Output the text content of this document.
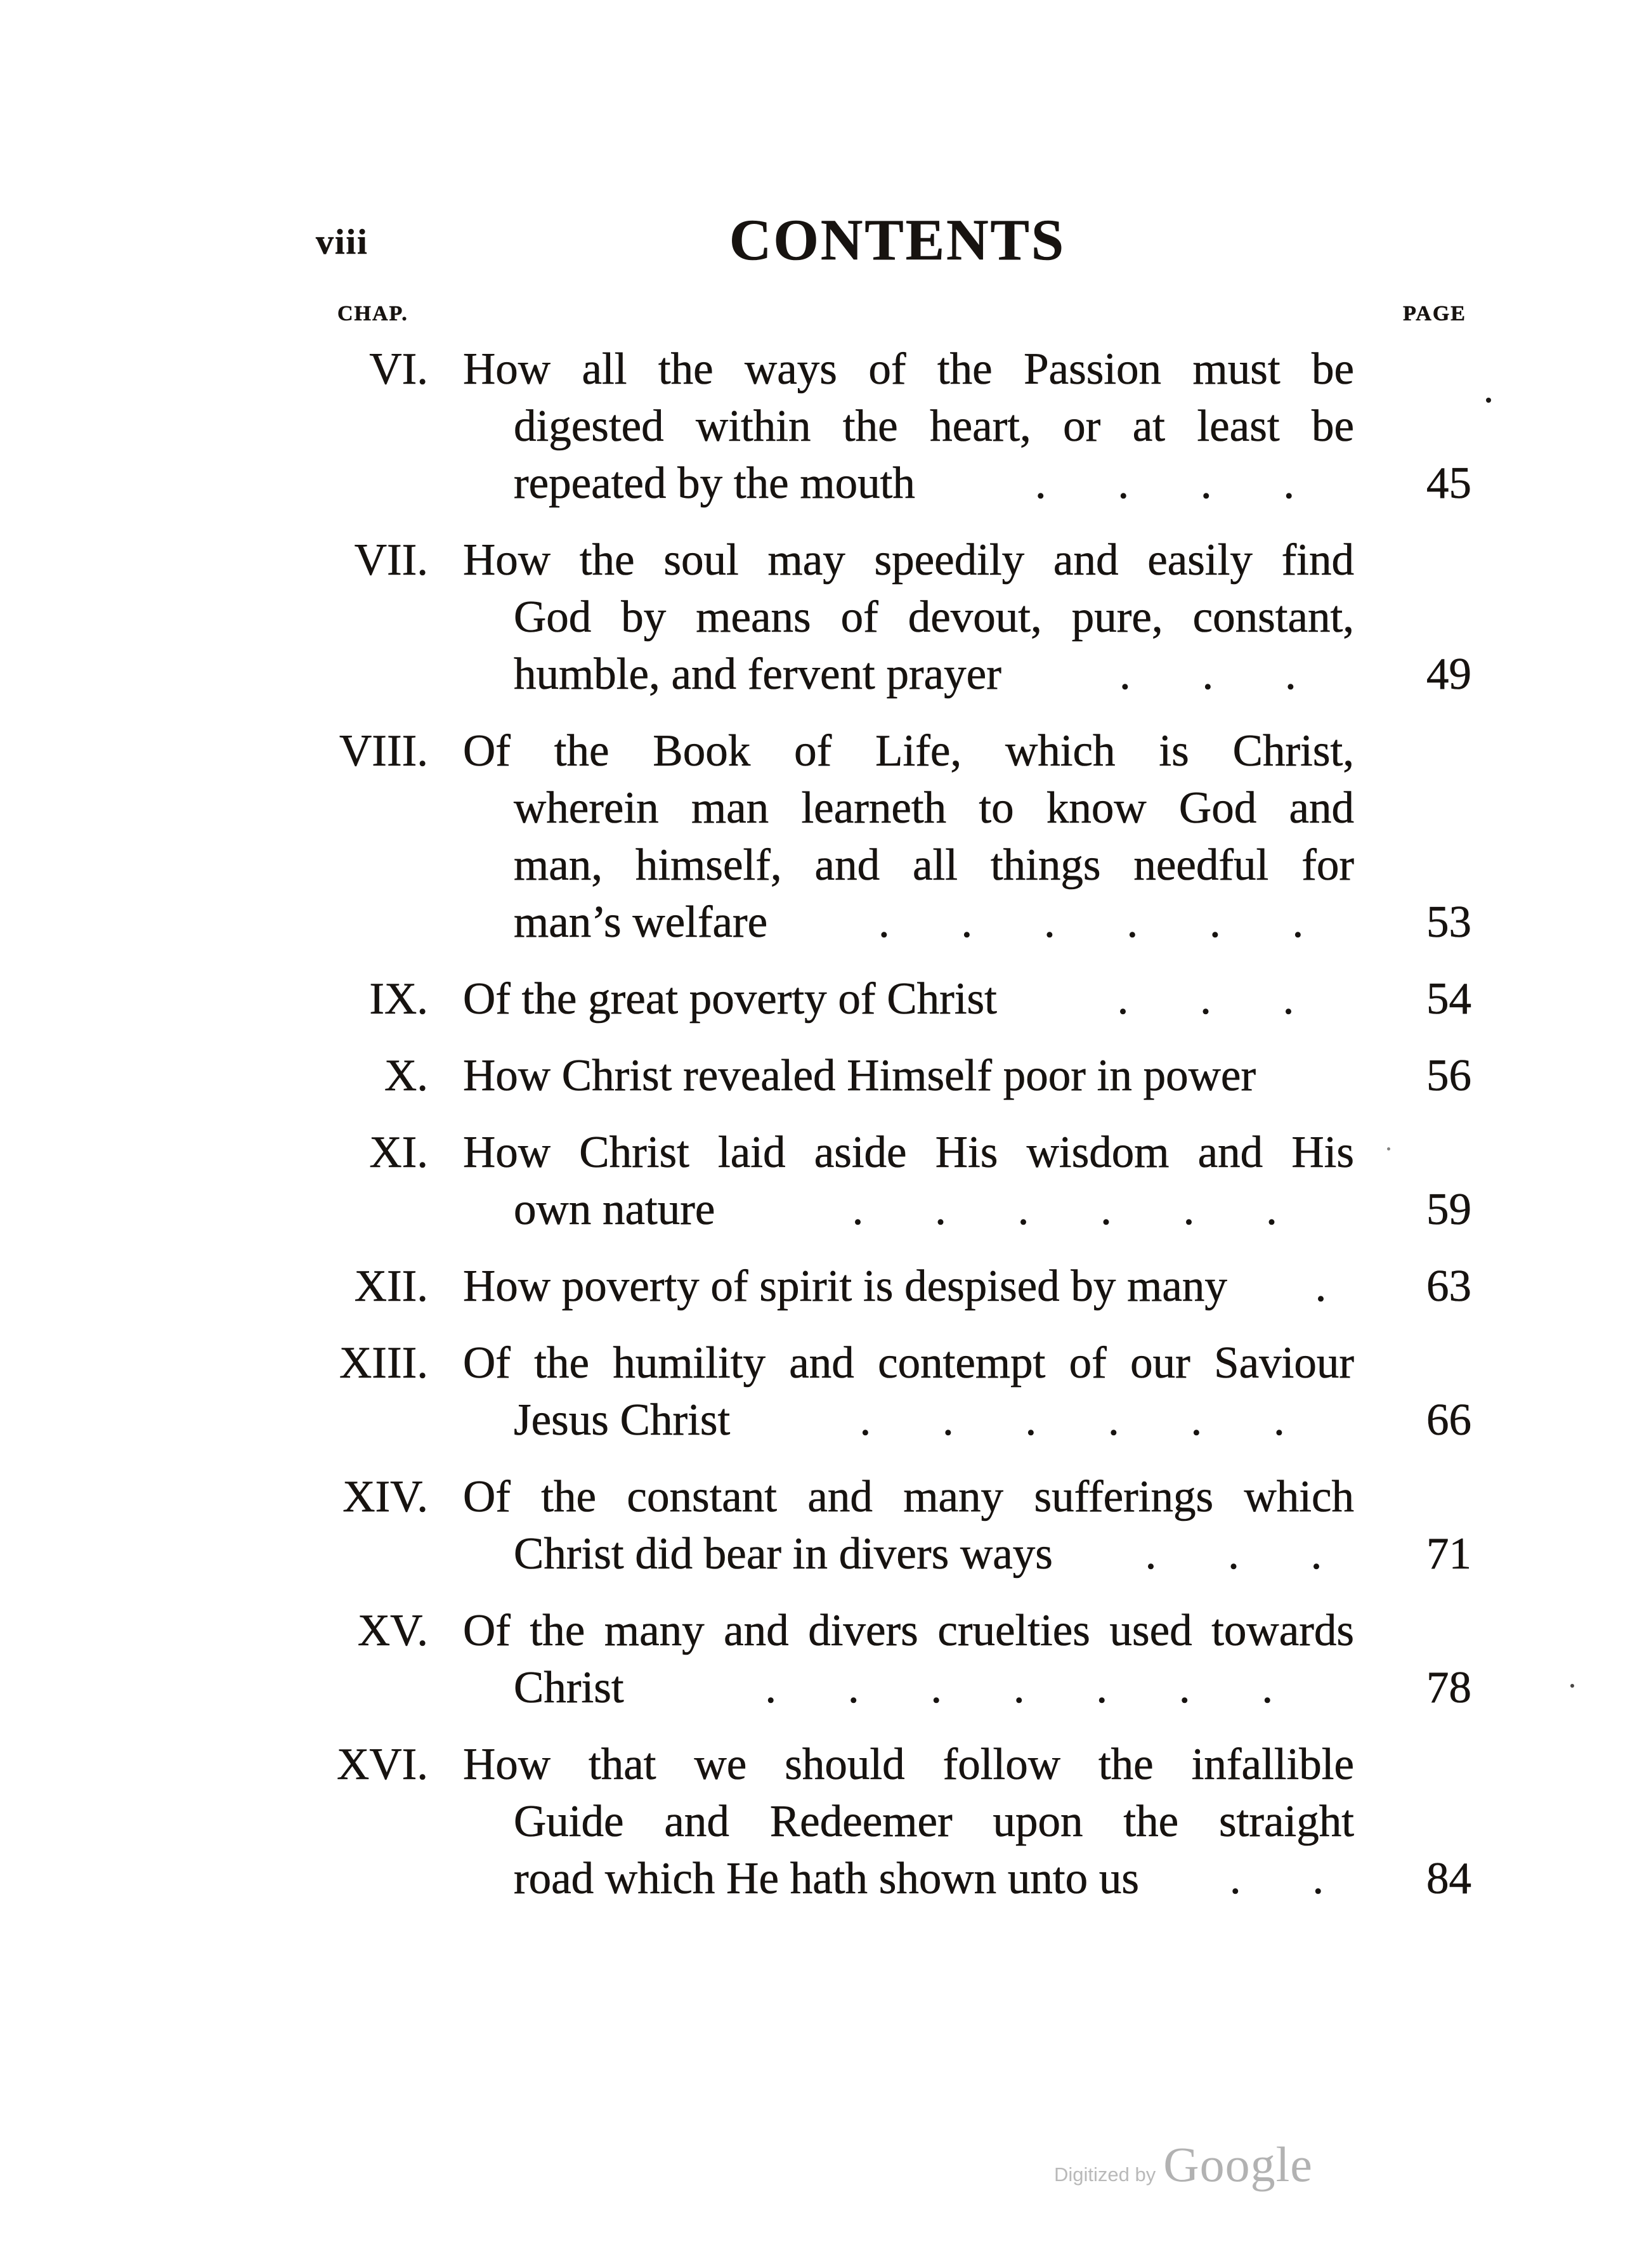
viii	CONTENTS
CHAP.	PAGE
VI. How all the ways of the Passion must be
digested within the heart, or at least be
repeated by the mouth	. . . .	45
VII. How the soul may speedily and easily find
God by means of devout, pure, constant,
humble, and fervent prayer	. . .	49
VIII. Of the Book of Life, which is Christ,
wherein man learneth to know God and
man, himself, and all things needful for
man’s welfare	. . . . . .	53
IX. Of the great poverty of Christ	. . .	54
X. How Christ revealed Himself poor in power	56
XI. How Christ laid aside His wisdom and His
own nature	. . . . . .	59
XII. How poverty of spirit is despised by many	.	63
XIII. Of the humility and contempt of our Saviour
Jesus Christ	. . . . . .	66
XIV. Of the constant and many sufferings which
Christ did bear in divers ways	. . .	71
XV. Of the many and divers cruelties used towards
Christ	. . . . . . .	78
XVI. How that we should follow the infallible
Guide and Redeemer upon the straight
road which He hath shown unto us	. .	84
Digitized by Google
